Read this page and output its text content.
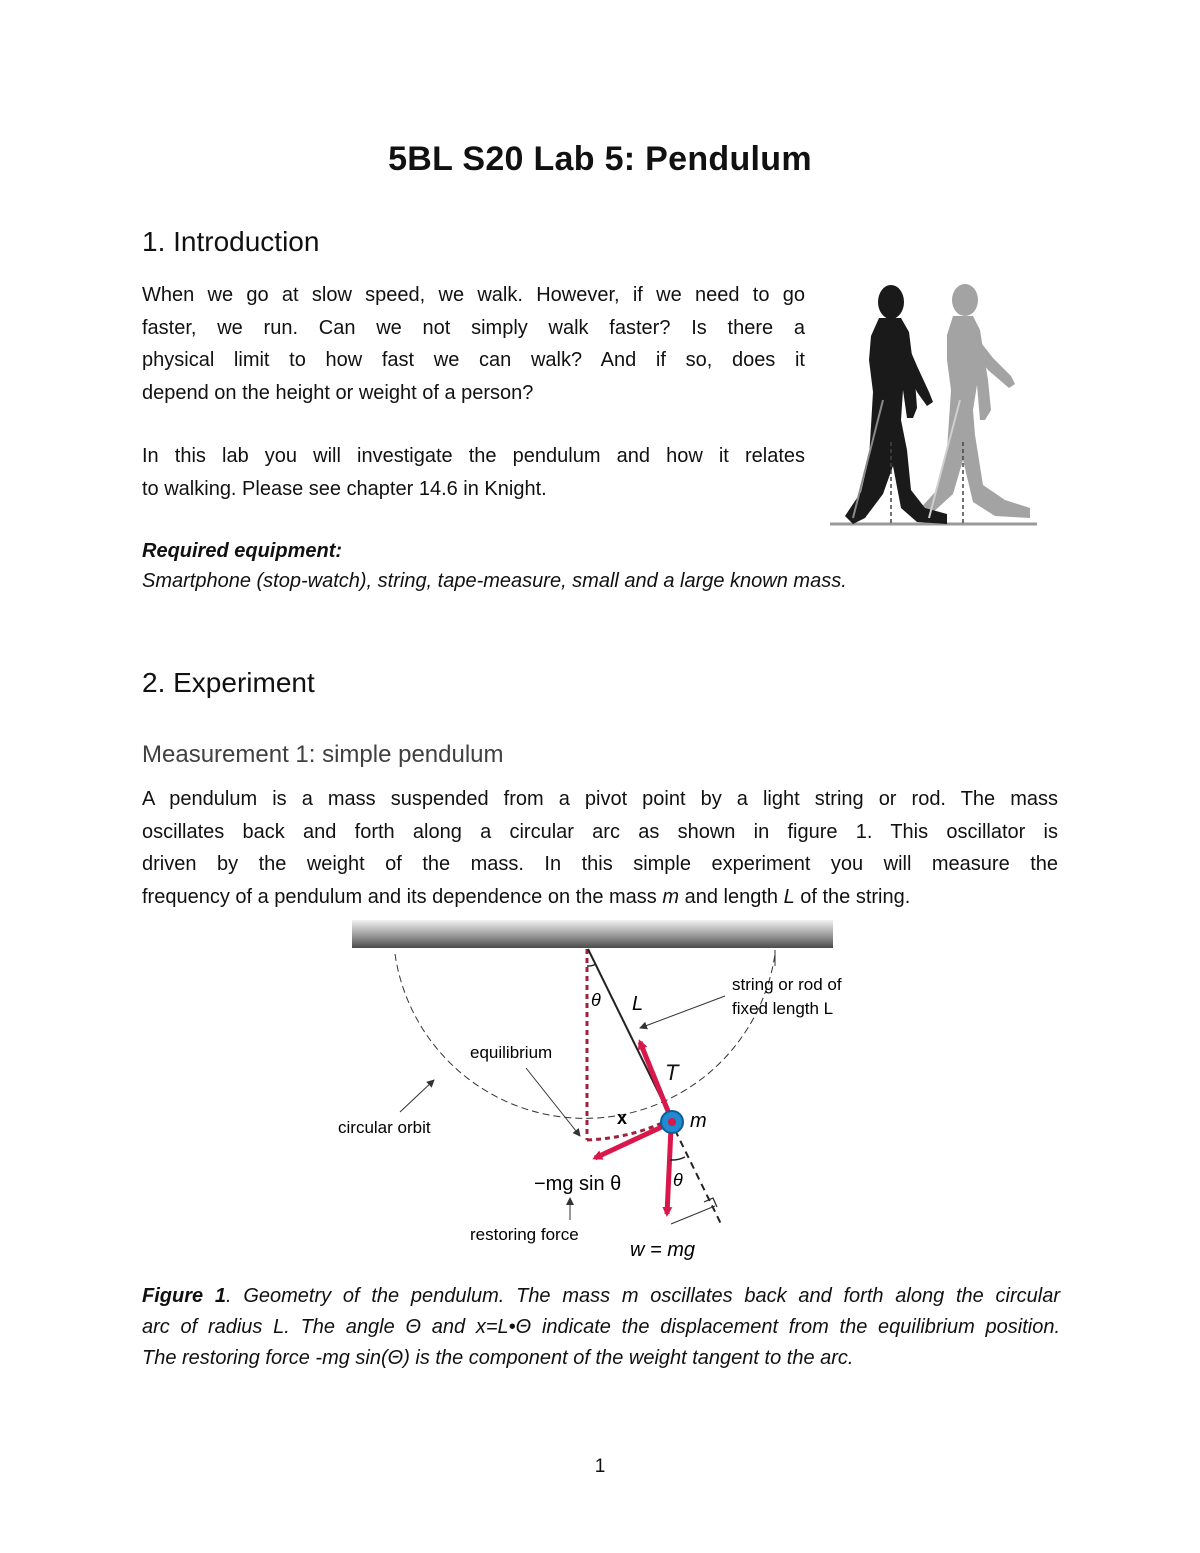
5BL S20 Lab 5: Pendulum
1. Introduction
When we go at slow speed, we walk. However, if we need to go
faster, we run. Can we not simply walk faster? Is there a
physical limit to how fast we can walk? And if so, does it
depend on the height or weight of a person?
In this lab you will investigate the pendulum and how it relates
to walking. Please see chapter 14.6 in Knight.
Required equipment:
Smartphone (stop-watch), string, tape-measure, small and a large known mass.
2. Experiment
Measurement 1: simple pendulum
A pendulum is a mass suspended from a pivot point by a light string or rod. The mass
oscillates back and forth along a circular arc as shown in figure 1. This oscillator is
driven by the weight of the mass. In this simple experiment you will measure the
frequency of a pendulum and its dependence on the mass m and length L of the string.
θ L
string or rod of
fixed length L
equilibrium
circular orbit	x
T
θ
m
−mg sin θ
restoring force
w = mg
Figure 1. Geometry of the pendulum. The mass m oscillates back and forth along the circular
arc of radius L. The angle Θ and x=L•Θ indicate the displacement from the equilibrium position.
The restoring force -mg sin(Θ) is the component of the weight tangent to the arc.
1
